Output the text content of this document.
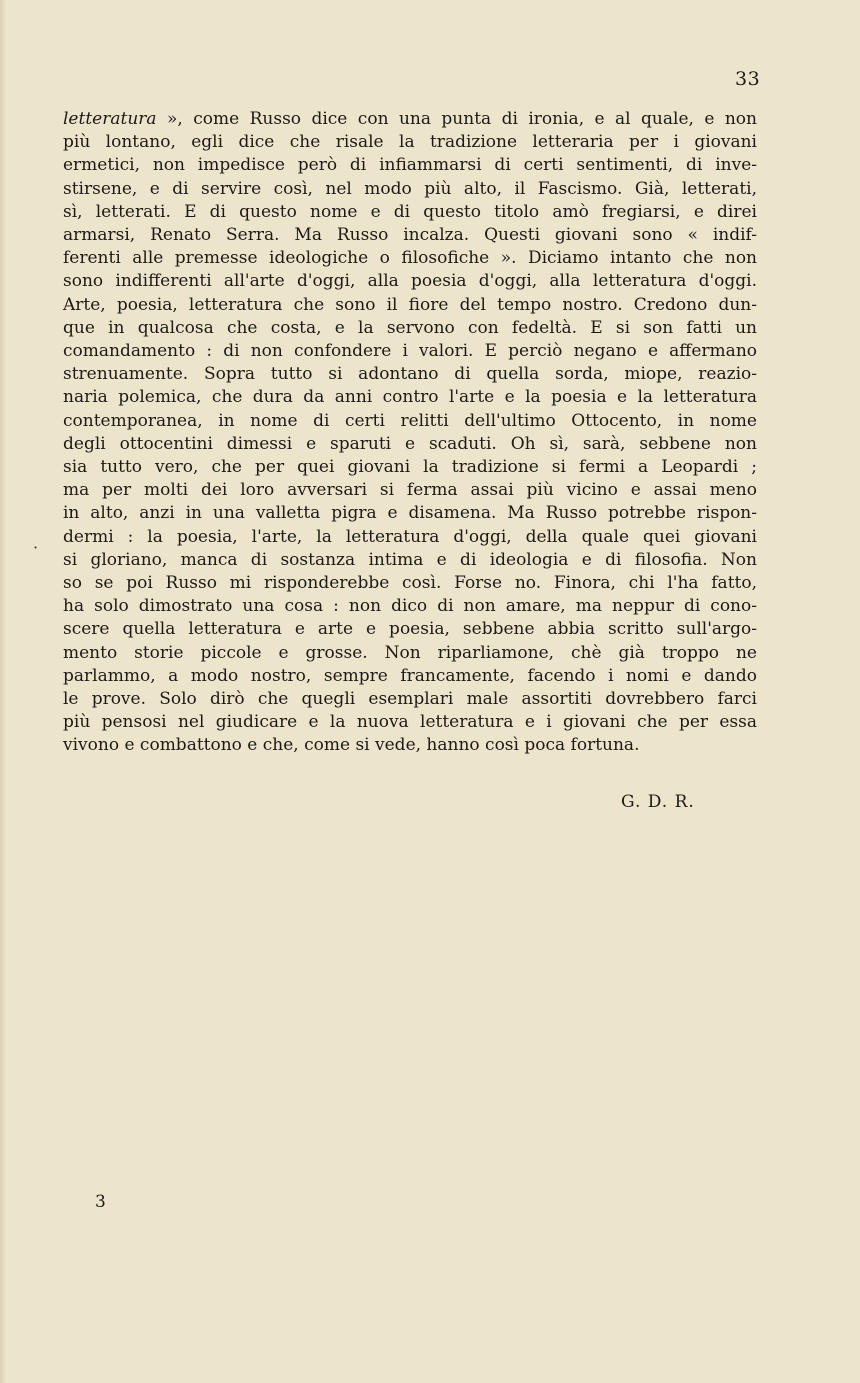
33
·
letteratura », come Russo dice con una punta di ironia, e al quale, e non
più lontano, egli dice che risale la tradizione letteraria per i giovani
ermetici, non impedisce però di infiammarsi di certi sentimenti, di inve-
stirsene, e di servire così, nel modo più alto, il Fascismo. Già, letterati,
sì, letterati. E di questo nome e di questo titolo amò fregiarsi, e direi
armarsi, Renato Serra. Ma Russo incalza. Questi giovani sono « indif-
ferenti alle premesse ideologiche o filosofiche ». Diciamo intanto che non
sono indifferenti all'arte d'oggi, alla poesia d'oggi, alla letteratura d'oggi.
Arte, poesia, letteratura che sono il fiore del tempo nostro. Credono dun-
que in qualcosa che costa, e la servono con fedeltà. E si son fatti un
comandamento : di non confondere i valori. E perciò negano e affermano
strenuamente. Sopra tutto si adontano di quella sorda, miope, reazio-
naria polemica, che dura da anni contro l'arte e la poesia e la letteratura
contemporanea, in nome di certi relitti dell'ultimo Ottocento, in nome
degli ottocentini dimessi e sparuti e scaduti. Oh sì, sarà, sebbene non
sia tutto vero, che per quei giovani la tradizione si fermi a Leopardi ;
ma per molti dei loro avversari si ferma assai più vicino e assai meno
in alto, anzi in una valletta pigra e disamena. Ma Russo potrebbe rispon-
dermi : la poesia, l'arte, la letteratura d'oggi, della quale quei giovani
si gloriano, manca di sostanza intima e di ideologia e di filosofia. Non
so se poi Russo mi risponderebbe così. Forse no. Finora, chi l'ha fatto,
ha solo dimostrato una cosa : non dico di non amare, ma neppur di cono-
scere quella letteratura e arte e poesia, sebbene abbia scritto sull'argo-
mento storie piccole e grosse. Non riparliamone, chè già troppo ne
parlammo, a modo nostro, sempre francamente, facendo i nomi e dando
le prove. Solo dirò che quegli esemplari male assortiti dovrebbero farci
più pensosi nel giudicare e la nuova letteratura e i giovani che per essa
vivono e combattono e che, come si vede, hanno così poca fortuna.
G. D. R.
3
